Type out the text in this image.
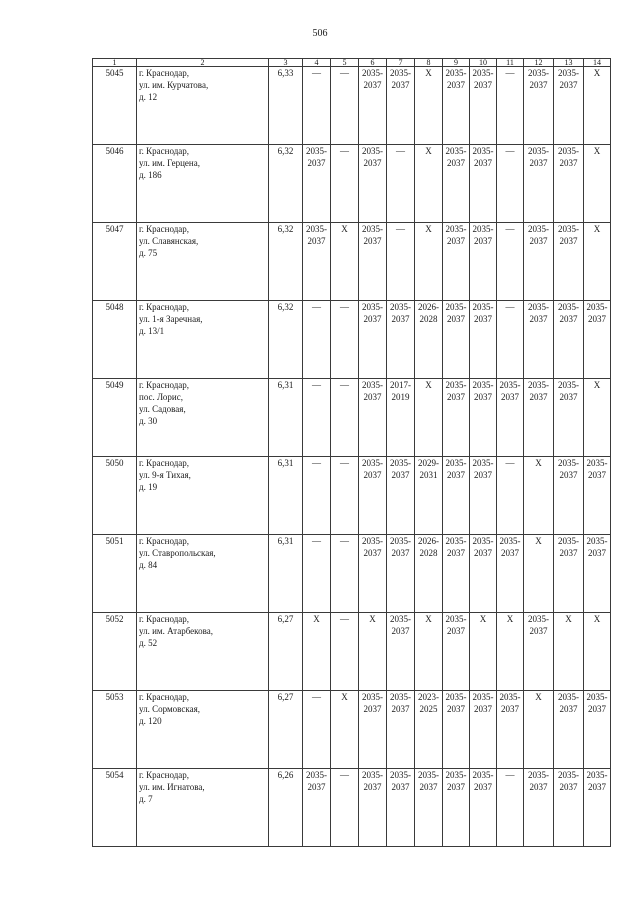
506
1	2	3	4	5	6	7	8	9	10	11	12	13	14
5045	г. Краснодар,
ул. им. Курчатова,
д. 12	6,33	—	—	2035-
2037	2035-
2037	Х	2035-
2037	2035-
2037	—	2035-
2037	2035-
2037	Х
5046	г. Краснодар,
ул. им. Герцена,
д. 186	6,32	2035-
2037	—	2035-
2037	—	Х	2035-
2037	2035-
2037	—	2035-
2037	2035-
2037	Х
5047	г. Краснодар,
ул. Славянская,
д. 75	6,32	2035-
2037	Х	2035-
2037	—	Х	2035-
2037	2035-
2037	—	2035-
2037	2035-
2037	Х
5048	г. Краснодар,
ул. 1-я Заречная,
д. 13/1	6,32	—	—	2035-
2037	2035-
2037	2026-
2028	2035-
2037	2035-
2037	—	2035-
2037	2035-
2037	2035-
2037
5049	г. Краснодар,
пос. Лорис,
ул. Садовая,
д. 30	6,31	—	—	2035-
2037	2017-
2019	Х	2035-
2037	2035-
2037	2035-
2037	2035-
2037	2035-
2037	Х
5050	г. Краснодар,
ул. 9-я Тихая,
д. 19	6,31	—	—	2035-
2037	2035-
2037	2029-
2031	2035-
2037	2035-
2037	—	Х	2035-
2037	2035-
2037
5051	г. Краснодар,
ул. Ставропольская,
д. 84	6,31	—	—	2035-
2037	2035-
2037	2026-
2028	2035-
2037	2035-
2037	2035-
2037	Х	2035-
2037	2035-
2037
5052	г. Краснодар,
ул. им. Атарбекова,
д. 52	6,27	Х	—	Х	2035-
2037	Х	2035-
2037	Х	Х	2035-
2037	Х	Х
5053	г. Краснодар,
ул. Сормовская,
д. 120	6,27	—	Х	2035-
2037	2035-
2037	2023-
2025	2035-
2037	2035-
2037	2035-
2037	Х	2035-
2037	2035-
2037
5054	г. Краснодар,
ул. им. Игнатова,
д. 7	6,26	2035-
2037	—	2035-
2037	2035-
2037	2035-
2037	2035-
2037	2035-
2037	—	2035-
2037	2035-
2037	2035-
2037
